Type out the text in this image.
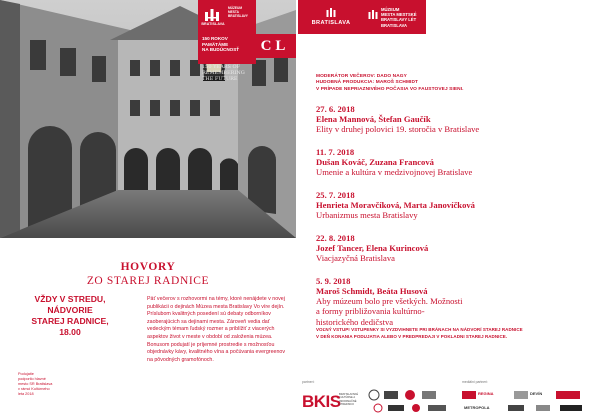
BRATISLAVA
MÚZEUM
MESTA
BRATISLAVY
150 ROKOV
PAMÄTÁME
NA BUDÚCNOSŤ
150 YEARS OF
REMEMBERING
THE FUTURE
CL
BRATISLAVA
MÚZEUM
MESTA MESTSKÉ
BRATISLAVY LÉT
BRATISLAVA
MODERÁTOR VEČEROV: DADO NAGY
HUDOBNÁ PRODUKCIA: MAROŠ SCHMIDT
V PRÍPADE NEPRIAZNIVÉHO POČASIA VO FAUSTOVEJ SIENI.
27. 6. 2018
Elena Mannová, Štefan Gaučík
Elity v druhej polovici 19. storočia v Bratislave
11. 7. 2018
Dušan Kováč, Zuzana Francová
Umenie a kultúra v medzivojnovej Bratislave
25. 7. 2018
Henrieta Moravčíková, Marta Janovíčková
Urbanizmus mesta Bratislavy
22. 8. 2018
Jozef Tancer, Elena Kurincová
Viacjazyčná Bratislava
5. 9. 2018
Maroš Schmidt, Beáta Husová
Aby múzeum bolo pre všetkých. Možnosti a formy približovania kultúrno-historického dedičstva
VOĽNÝ VSTUP! VSTUPENKY SI VYZDVIHNETE PRI BRÁNACH NA NÁDVORÍ STAREJ RADNICE
V DEŇ KONANIA PODUJATIA ALEBO V PREDPREDAJI V POKLADNI STAREJ RADNICE.
HOVORY
ZO STAREJ RADNICE
VŽDY V STREDU,
NÁDVORIE
STAREJ RADNICE,
18.00
Päť večerov s rozhovormi na témy, ktoré nenájdete v novej publikácii o dejinách Múzea mesta Bratislavy Vo víre dejín. Príslubom kvalitných posedení sú debaty odborníkov zaoberajúcich sa dejinami mesta. Zároveň vedia dať vedeckým témam ľudský rozmer a priblížiť z viacerých aspektov život v meste v období od založenia múzea. Bonusom podujatí je príjemné prostredie s možnosťou objednávky kávy, kvalitného vína a počúvania evergreenov na pôvodných gramofónoch.
Podujatie
podporilo hlavné
mesto SR Bratislava
v rámci Kultúrneho
leta 2018
partneri:	mediálni partneri:
BKIS
BRATISLAVSKÉ
KULTÚRNE A
INFORMAČNÉ
STREDISKO
REGINA	DEVÍN
METROPOLA
